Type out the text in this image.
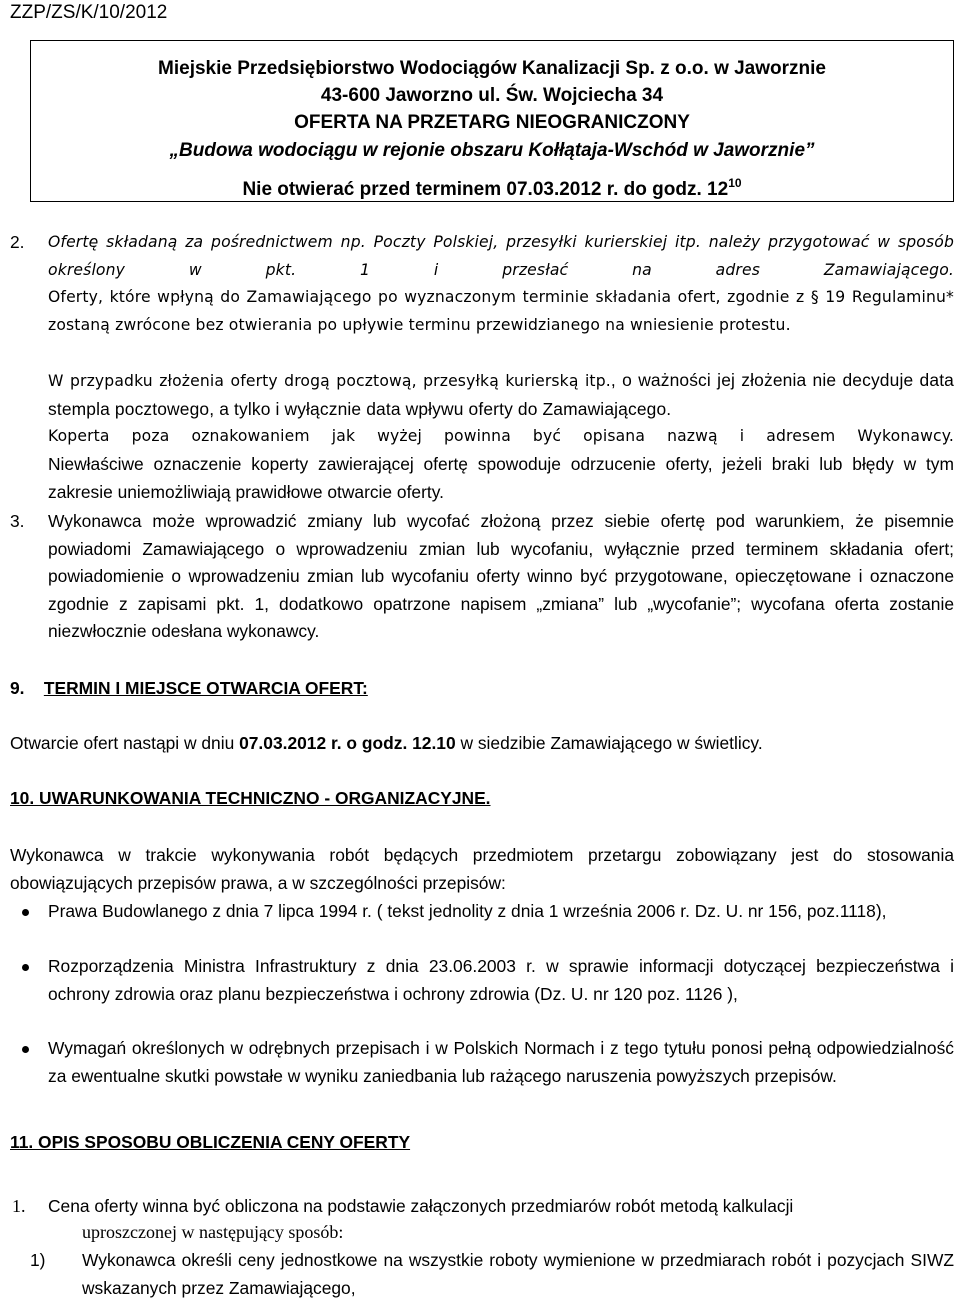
ZZP/ZS/K/10/2012
Miejskie Przedsiębiorstwo Wodociągów Kanalizacji Sp. z o.o. w Jaworznie
43-600 Jaworzno ul. Św. Wojciecha 34
OFERTA NA PRZETARG NIEOGRANICZONY
„Budowa wodociągu w rejonie obszaru Kołłątaja-Wschód w Jaworznie”
Nie otwierać przed terminem 07.03.2012 r. do godz. $12^{10}$
2. Ofertę składaną za pośrednictwem np. Poczty Polskiej, przesyłki kurierskiej itp. należy przygotować w sposób określony w pkt. 1 i przesłać na adres Zamawiającego.
Oferty, które wpłyną do Zamawiającego po wyznaczonym terminie składania ofert, zgodnie z § 19 Regulaminu* zostaną zwrócone bez otwierania po upływie terminu przewidzianego na wniesienie protestu.
W przypadku złożenia oferty drogą pocztową, przesyłką kurierską itp., o ważności jej złożenia nie decyduje data stempla pocztowego, a tylko i wyłącznie data wpływu oferty do Zamawiającego.
Koperta poza oznakowaniem jak wyżej powinna być opisana nazwą i adresem Wykonawcy.
Niewłaściwe oznaczenie koperty zawierającej ofertę spowoduje odrzucenie oferty, jeżeli braki lub błędy w tym zakresie uniemożliwiają prawidłowe otwarcie oferty.
3. Wykonawca może wprowadzić zmiany lub wycofać złożoną przez siebie ofertę pod warunkiem, że pisemnie powiadomi Zamawiającego o wprowadzeniu zmian lub wycofaniu, wyłącznie przed terminem składania ofert; powiadomienie o wprowadzeniu zmian lub wycofaniu oferty winno być przygotowane, opieczętowane i oznaczone zgodnie z zapisami pkt. 1, dodatkowo opatrzone napisem „zmiana” lub „wycofanie”; wycofana oferta zostanie niezwłocznie odesłana wykonawcy.
9. TERMIN I MIEJSCE OTWARCIA OFERT:
Otwarcie ofert nastąpi w dniu 07.03.2012 r. o godz. 12.10 w siedzibie Zamawiającego w świetlicy.
10. UWARUNKOWANIA TECHNICZNO - ORGANIZACYJNE.
Wykonawca w trakcie wykonywania robót będących przedmiotem przetargu zobowiązany jest do stosowania obowiązujących przepisów prawa, a w szczególności przepisów:
Prawa Budowlanego z dnia 7 lipca 1994 r. ( tekst jednolity z dnia 1 września 2006 r. Dz. U. nr 156, poz.1118),
Rozporządzenia Ministra Infrastruktury z dnia 23.06.2003 r. w sprawie informacji dotyczącej bezpieczeństwa i ochrony zdrowia oraz planu bezpieczeństwa i ochrony zdrowia (Dz. U. nr 120 poz. 1126 ),
Wymagań określonych w odrębnych przepisach i w Polskich Normach i z tego tytułu ponosi pełną odpowiedzialność za ewentualne skutki powstałe w wyniku zaniedbania lub rażącego naruszenia powyższych przepisów.
11. OPIS SPOSOBU OBLICZENIA CENY OFERTY
1. Cena oferty winna być obliczona na podstawie załączonych przedmiarów robót metodą kalkulacji
uproszczonej w następujący sposób:
1) Wykonawca określi ceny jednostkowe na wszystkie roboty wymienione w przedmiarach robót i pozycjach SIWZ wskazanych przez Zamawiającego,
